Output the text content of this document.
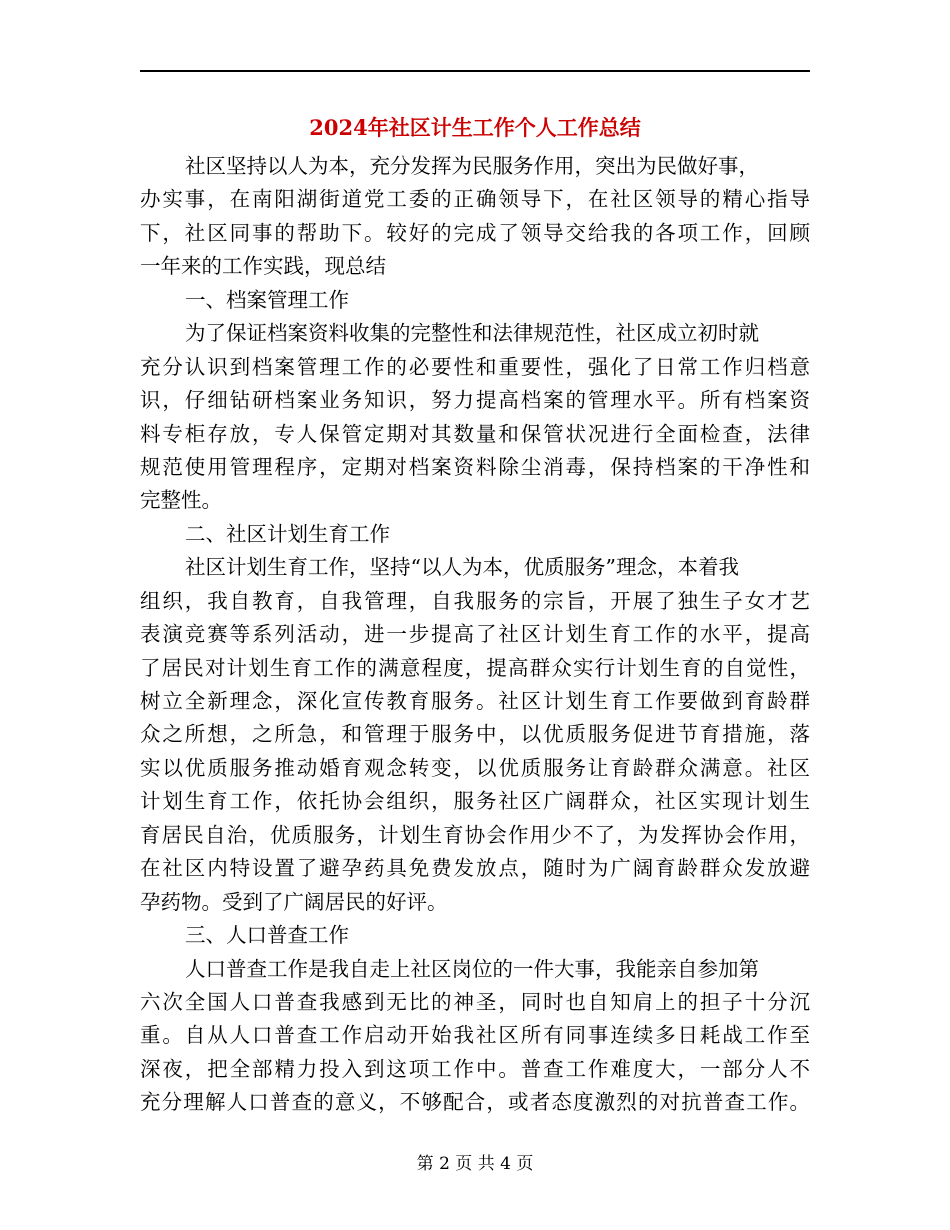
2024年社区计生工作个人工作总结
社区坚持以人为本，充分发挥为民服务作用，突出为民做好事，
办实事，在南阳湖街道党工委的正确领导下，在社区领导的精心指导
下，社区同事的帮助下。较好的完成了领导交给我的各项工作，回顾
一年来的工作实践，现总结
一、档案管理工作
为了保证档案资料收集的完整性和法律规范性，社区成立初时就
充分认识到档案管理工作的必要性和重要性，强化了日常工作归档意
识，仔细钻研档案业务知识，努力提高档案的管理水平。所有档案资
料专柜存放，专人保管定期对其数量和保管状况进行全面检查，法律
规范使用管理程序，定期对档案资料除尘消毒，保持档案的干净性和
完整性。
二、社区计划生育工作
社区计划生育工作，坚持“以人为本，优质服务”理念，本着我
组织，我自教育，自我管理，自我服务的宗旨，开展了独生子女才艺
表演竞赛等系列活动，进一步提高了社区计划生育工作的水平，提高
了居民对计划生育工作的满意程度，提高群众实行计划生育的自觉性，
树立全新理念，深化宣传教育服务。社区计划生育工作要做到育龄群
众之所想，之所急，和管理于服务中，以优质服务促进节育措施，落
实以优质服务推动婚育观念转变，以优质服务让育龄群众满意。社区
计划生育工作，依托协会组织，服务社区广阔群众，社区实现计划生
育居民自治，优质服务，计划生育协会作用少不了，为发挥协会作用，
在社区内特设置了避孕药具免费发放点，随时为广阔育龄群众发放避
孕药物。受到了广阔居民的好评。
三、人口普查工作
人口普查工作是我自走上社区岗位的一件大事，我能亲自参加第
六次全国人口普查我感到无比的神圣，同时也自知肩上的担子十分沉
重。自从人口普查工作启动开始我社区所有同事连续多日耗战工作至
深夜，把全部精力投入到这项工作中。普查工作难度大，一部分人不
充分理解人口普查的意义，不够配合，或者态度激烈的对抗普查工作。
第 2 页 共 4 页
